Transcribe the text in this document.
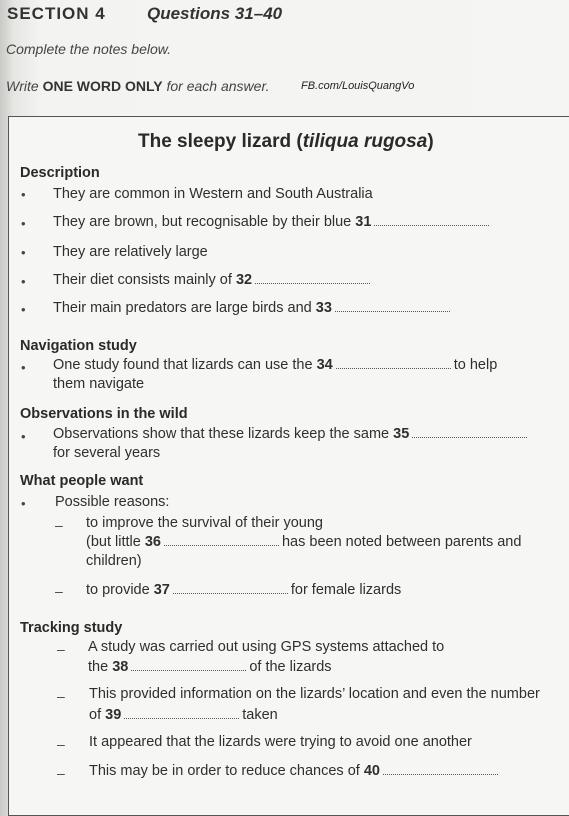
SECTION 4 Questions 31–40
Complete the notes below.
Write ONE WORD ONLY for each answer.	FB.com/LouisQuangVo
The sleepy lizard (tiliqua rugosa)
Description
• They are common in Western and South Australia
• They are brown, but recognisable by their blue 31
• They are relatively large
• Their diet consists mainly of 32
• Their main predators are large birds and 33
Navigation study
• One study found that lizards can use the 34	to help
them navigate
Observations in the wild
• Observations show that these lizards keep the same 35
for several years
What people want
• Possible reasons:
– to improve the survival of their young
(but little 36	has been noted between parents and
children)
– to provide 37	for female lizards
Tracking study
– A study was carried out using GPS systems attached to
the 38	of the lizards
– This provided information on the lizards’ location and even the number
of 39	taken
– It appeared that the lizards were trying to avoid one another
– This may be in order to reduce chances of 40
